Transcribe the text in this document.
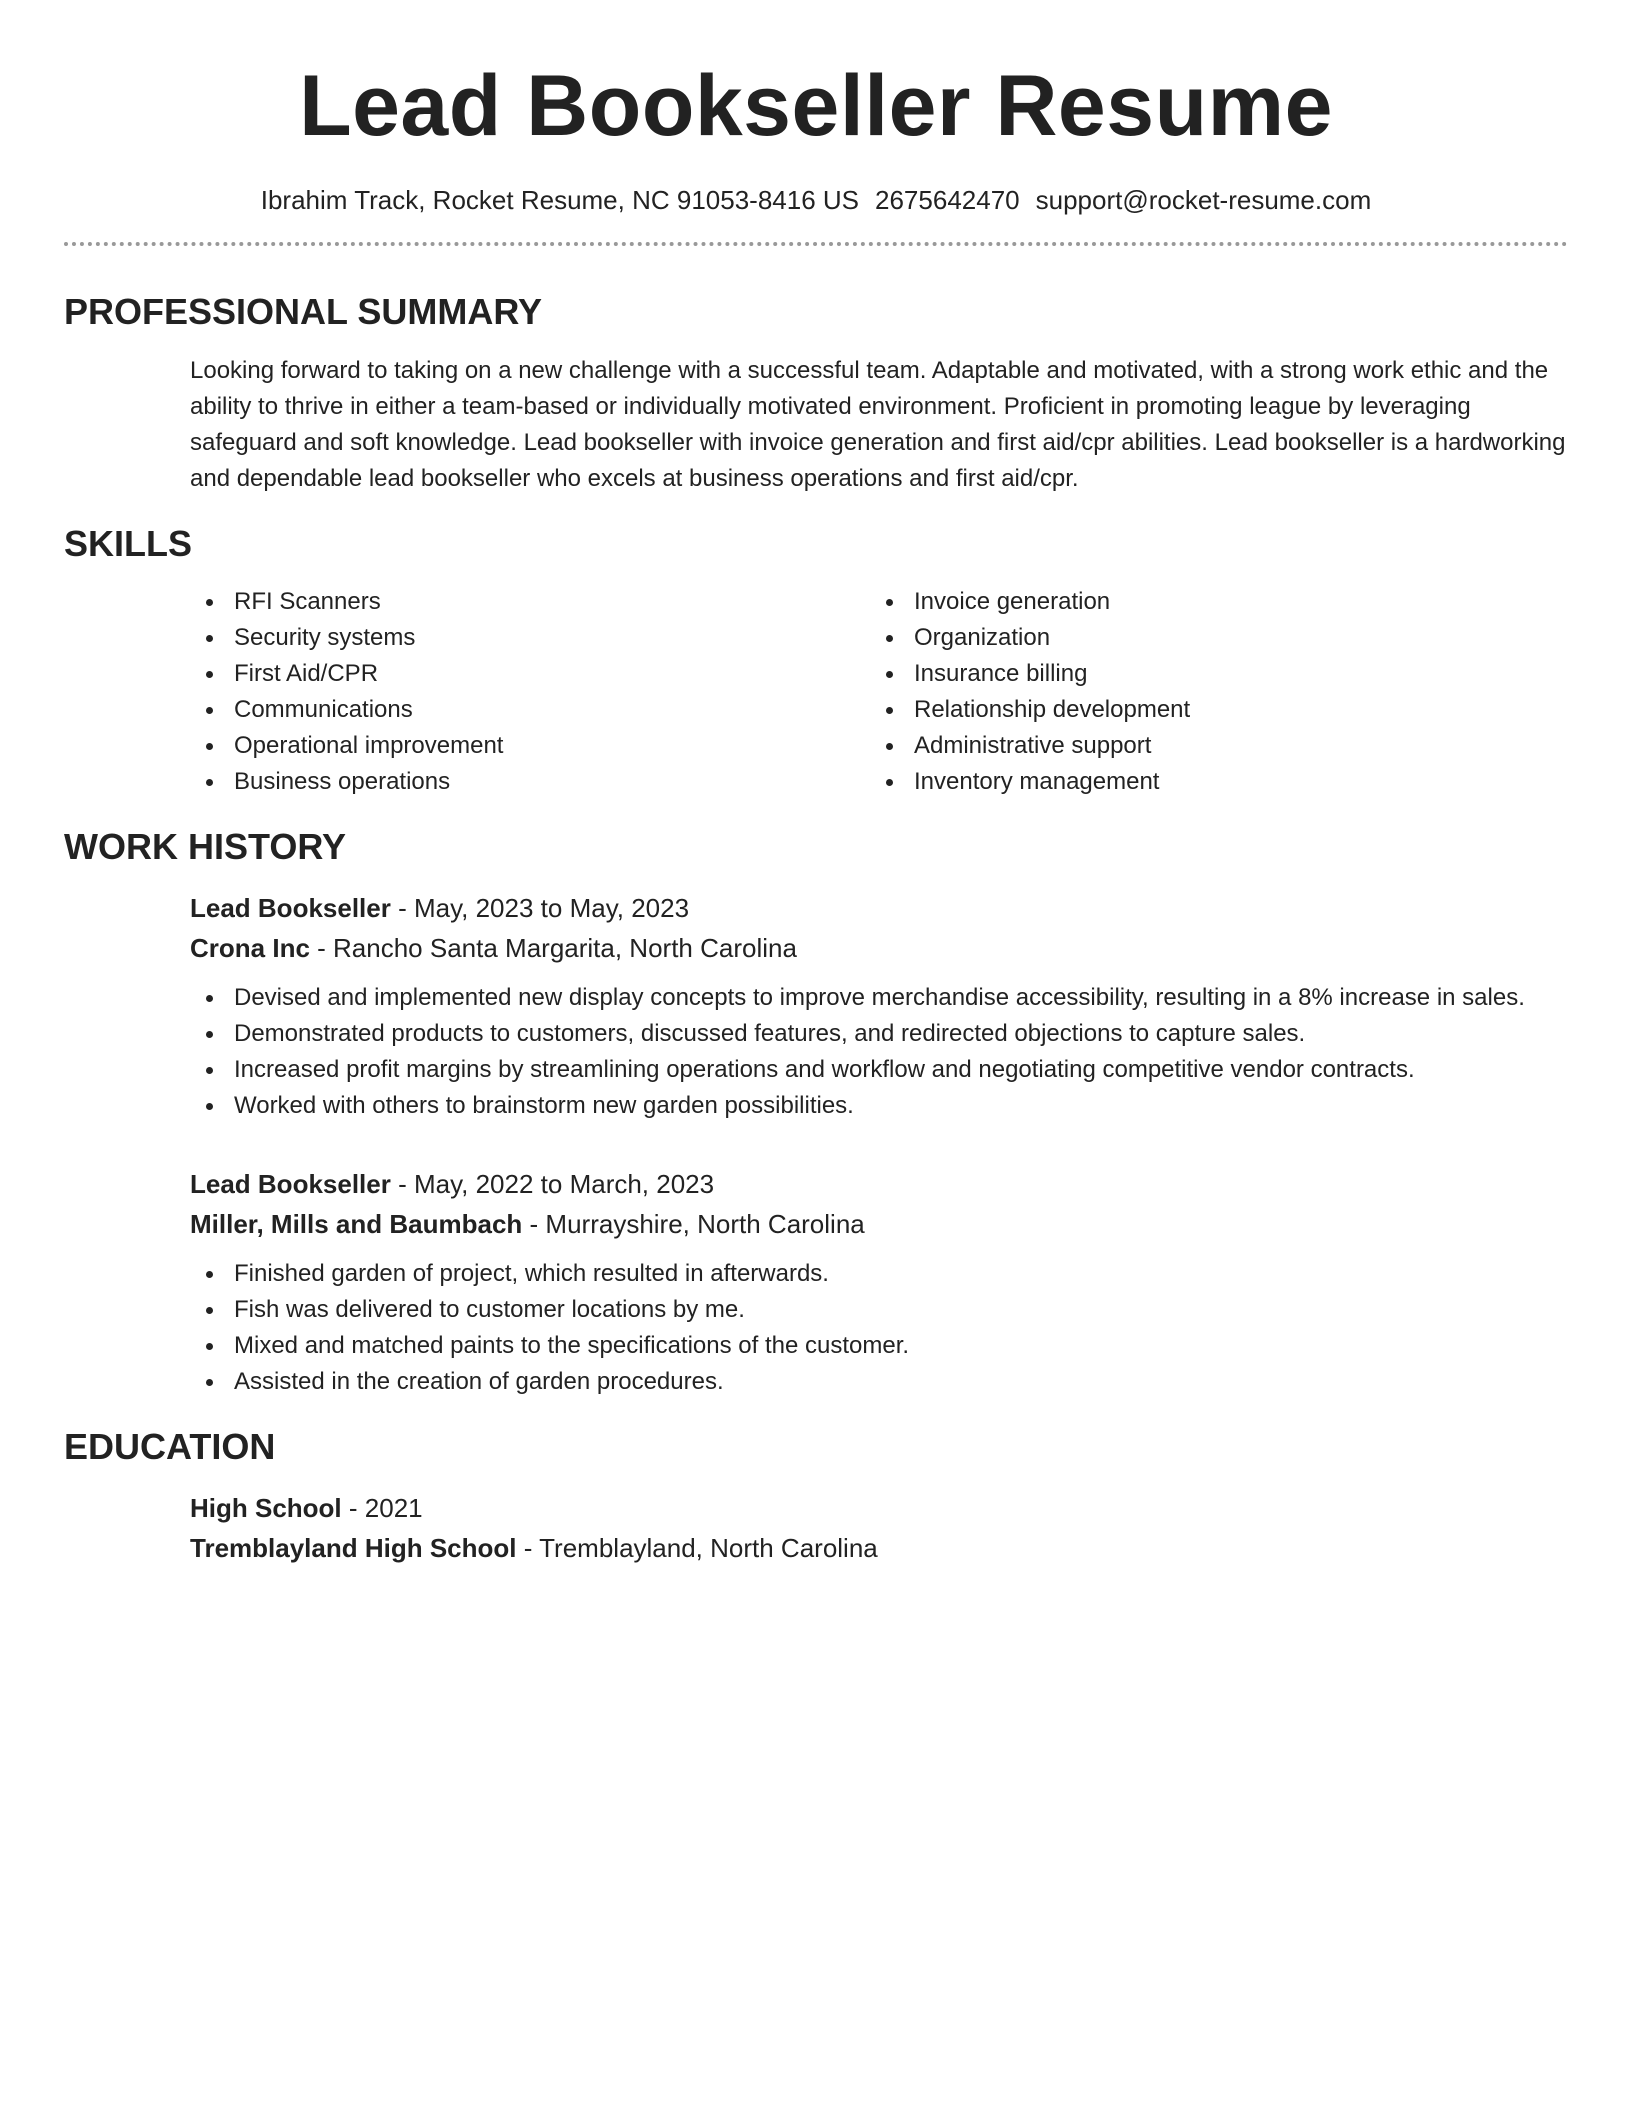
Lead Bookseller Resume
Ibrahim Track, Rocket Resume, NC 91053-8416 US 2675642470 support@rocket-resume.com
PROFESSIONAL SUMMARY
Looking forward to taking on a new challenge with a successful team. Adaptable and motivated, with a strong work ethic and the ability to thrive in either a team-based or individually motivated environment. Proficient in promoting league by leveraging safeguard and soft knowledge. Lead bookseller with invoice generation and first aid/cpr abilities. Lead bookseller is a hardworking and dependable lead bookseller who excels at business operations and first aid/cpr.
SKILLS
RFI Scanners
Security systems
First Aid/CPR
Communications
Operational improvement
Business operations
Invoice generation
Organization
Insurance billing
Relationship development
Administrative support
Inventory management
WORK HISTORY
Lead Bookseller - May, 2023 to May, 2023
Crona Inc - Rancho Santa Margarita, North Carolina
Devised and implemented new display concepts to improve merchandise accessibility, resulting in a 8% increase in sales.
Demonstrated products to customers, discussed features, and redirected objections to capture sales.
Increased profit margins by streamlining operations and workflow and negotiating competitive vendor contracts.
Worked with others to brainstorm new garden possibilities.
Lead Bookseller - May, 2022 to March, 2023
Miller, Mills and Baumbach - Murrayshire, North Carolina
Finished garden of project, which resulted in afterwards.
Fish was delivered to customer locations by me.
Mixed and matched paints to the specifications of the customer.
Assisted in the creation of garden procedures.
EDUCATION
High School - 2021
Tremblayland High School - Tremblayland, North Carolina
